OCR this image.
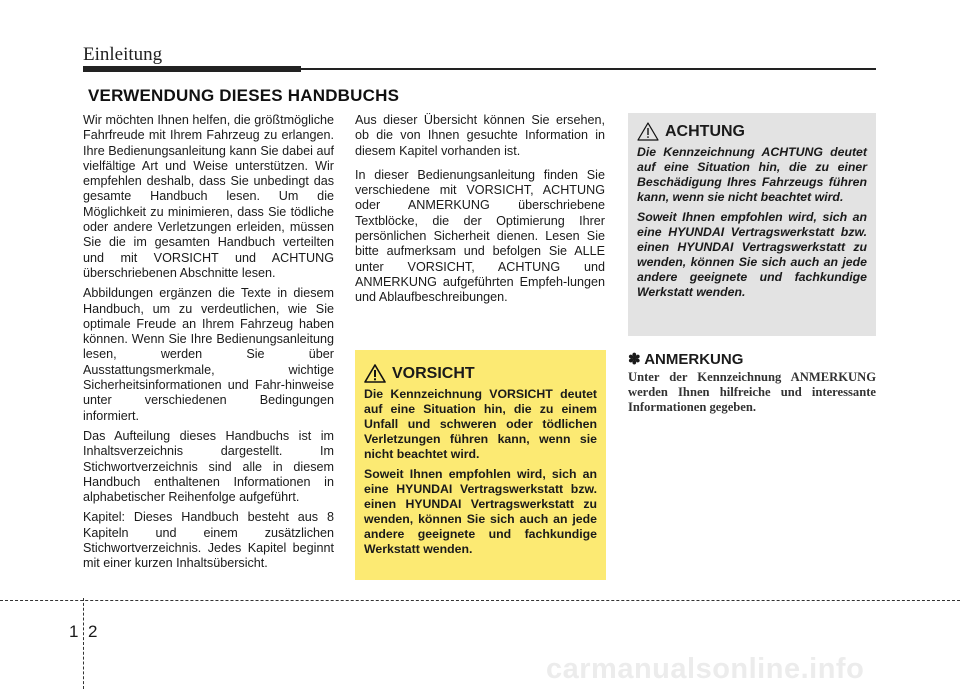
Einleitung
VERWENDUNG DIESES HANDBUCHS

Wir möchten Ihnen helfen, die größtmögliche Fahrfreude mit Ihrem Fahrzeug zu erlangen. Ihre Bedienungsanleitung kann Sie dabei auf vielfältige Art und Weise unterstützen. Wir empfehlen deshalb, dass Sie unbedingt das gesamte Handbuch lesen. Um die Möglichkeit zu minimieren, dass Sie tödliche oder andere Verletzungen erleiden, müssen Sie die im gesamten Handbuch verteilten und mit VORSICHT und ACHTUNG überschriebenen Abschnitte lesen.

Abbildungen ergänzen die Texte in diesem Handbuch, um zu verdeutlichen, wie Sie optimale Freude an Ihrem Fahrzeug haben können. Wenn Sie Ihre Bedienungsanleitung lesen, werden Sie über Ausstattungsmerkmale, wichtige Sicherheitsinformationen und Fahr-hinweise unter verschiedenen Bedingungen informiert.

Das Aufteilung dieses Handbuchs ist im Inhaltsverzeichnis dargestellt. Im Stichwortverzeichnis sind alle in diesem Handbuch enthaltenen Informationen in alphabetischer Reihenfolge aufgeführt.

Kapitel: Dieses Handbuch besteht aus 8 Kapiteln und einem zusätzlichen Stichwortverzeichnis. Jedes Kapitel beginnt mit einer kurzen Inhaltsübersicht.

Aus dieser Übersicht können Sie ersehen, ob die von Ihnen gesuchte Information in diesem Kapitel vorhanden ist.

In dieser Bedienungsanleitung finden Sie verschiedene mit VORSICHT, ACHTUNG oder ANMERKUNG überschriebene Textblöcke, die der Optimierung Ihrer persönlichen Sicherheit dienen. Lesen Sie bitte aufmerksam und befolgen Sie ALLE unter VORSICHT, ACHTUNG und ANMERKUNG aufgeführten Empfeh-lungen und Ablaufbeschreibungen.

VORSICHT

Die Kennzeichnung VORSICHT deutet auf eine Situation hin, die zu einem Unfall und schweren oder tödlichen Verletzungen führen kann, wenn sie nicht beachtet wird.

Soweit Ihnen empfohlen wird, sich an eine HYUNDAI Vertragswerkstatt bzw. einen HYUNDAI Vertragswerkstatt zu wenden, können Sie sich auch an jede andere geeignete und fachkundige Werkstatt wenden.

ACHTUNG

Die Kennzeichnung ACHTUNG deutet auf eine Situation hin, die zu einer Beschädigung Ihres Fahrzeugs führen kann, wenn sie nicht beachtet wird.

Soweit Ihnen empfohlen wird, sich an eine HYUNDAI Vertragswerkstatt bzw. einen HYUNDAI Vertragswerkstatt zu wenden, können Sie sich auch an jede andere geeignete und fachkundige Werkstatt wenden.

✽ ANMERKUNG
Unter der Kennzeichnung ANMERKUNG werden Ihnen hilfreiche und interessante Informationen gegeben.
1 2
carmanualsonline.info
